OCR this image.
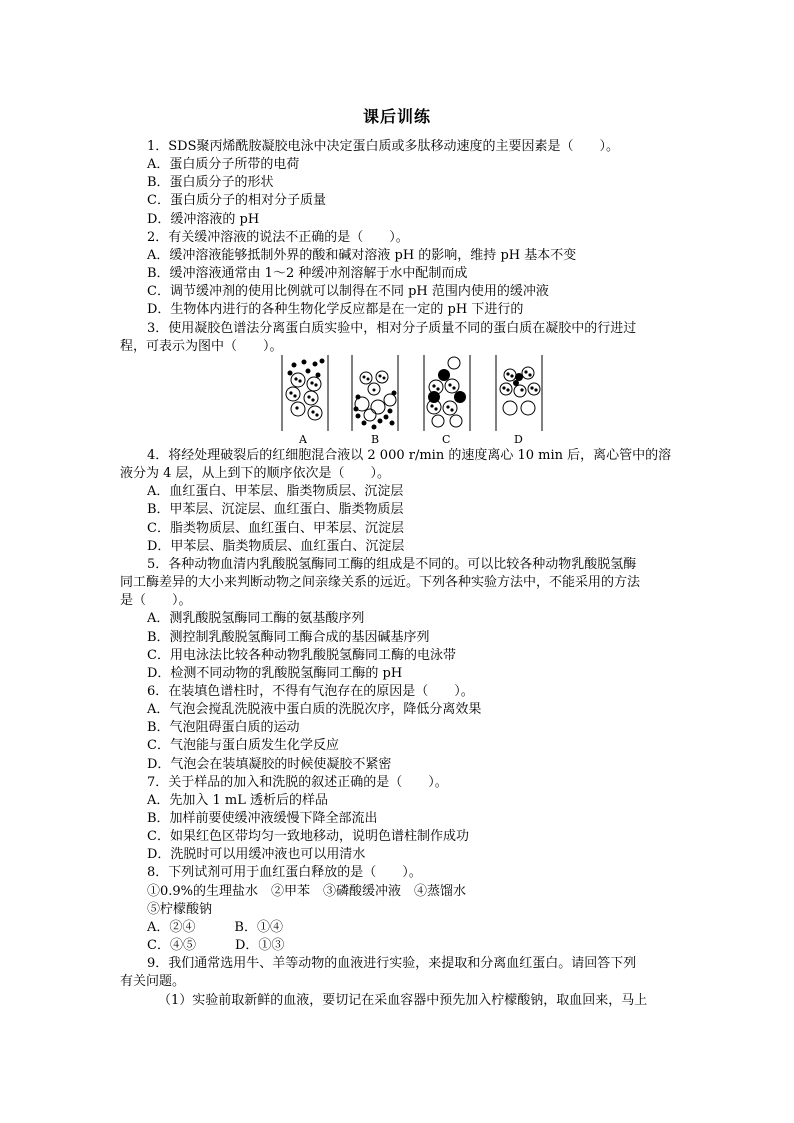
课后训练
1．SDS聚丙烯酰胺凝胶电泳中决定蛋白质或多肽移动速度的主要因素是（　　）。
A．蛋白质分子所带的电荷
B．蛋白质分子的形状
C．蛋白质分子的相对分子质量
D．缓冲溶液的 pH
2．有关缓冲溶液的说法不正确的是（　　）。
A．缓冲溶液能够抵制外界的酸和碱对溶液 pH 的影响，维持 pH 基本不变
B．缓冲溶液通常由 1～2 种缓冲剂溶解于水中配制而成
C．调节缓冲剂的使用比例就可以制得在不同 pH 范围内使用的缓冲液
D．生物体内进行的各种生物化学反应都是在一定的 pH 下进行的
3．使用凝胶色谱法分离蛋白质实验中，相对分子质量不同的蛋白质在凝胶中的行进过
程，可表示为图中（　　）。
4．将经处理破裂后的红细胞混合液以 2 000 r/min 的速度离心 10 min 后，离心管中的溶
液分为 4 层，从上到下的顺序依次是（　　）。
A．血红蛋白、甲苯层、脂类物质层、沉淀层
B．甲苯层、沉淀层、血红蛋白、脂类物质层
C．脂类物质层、血红蛋白、甲苯层、沉淀层
D．甲苯层、脂类物质层、血红蛋白、沉淀层
5．各种动物血清内乳酸脱氢酶同工酶的组成是不同的。可以比较各种动物乳酸脱氢酶
同工酶差异的大小来判断动物之间亲缘关系的远近。下列各种实验方法中，不能采用的方法
是（　　）。
A．测乳酸脱氢酶同工酶的氨基酸序列
B．测控制乳酸脱氢酶同工酶合成的基因碱基序列
C．用电泳法比较各种动物乳酸脱氢酶同工酶的电泳带
D．检测不同动物的乳酸脱氢酶同工酶的 pH
6．在装填色谱柱时，不得有气泡存在的原因是（　　）。
A．气泡会搅乱洗脱液中蛋白质的洗脱次序，降低分离效果
B．气泡阻碍蛋白质的运动
C．气泡能与蛋白质发生化学反应
D．气泡会在装填凝胶的时候使凝胶不紧密
7．关于样品的加入和洗脱的叙述正确的是（　　）。
A．先加入 1 mL 透析后的样品
B．加样前要使缓冲液缓慢下降全部流出
C．如果红色区带均匀一致地移动，说明色谱柱制作成功
D．洗脱时可以用缓冲液也可以用清水
8．下列试剂可用于血红蛋白释放的是（　　）。
①0.9%的生理盐水　②甲苯　③磷酸缓冲液　④蒸馏水
⑤柠檬酸钠
A．②④　　　B．①④
C．④⑤　　　D．①③
9．我们通常选用牛、羊等动物的血液进行实验，来提取和分离血红蛋白。请回答下列
有关问题。
（1）实验前取新鲜的血液，要切记在采血容器中预先加入柠檬酸钠，取血回来，马上
A	B	C	D
